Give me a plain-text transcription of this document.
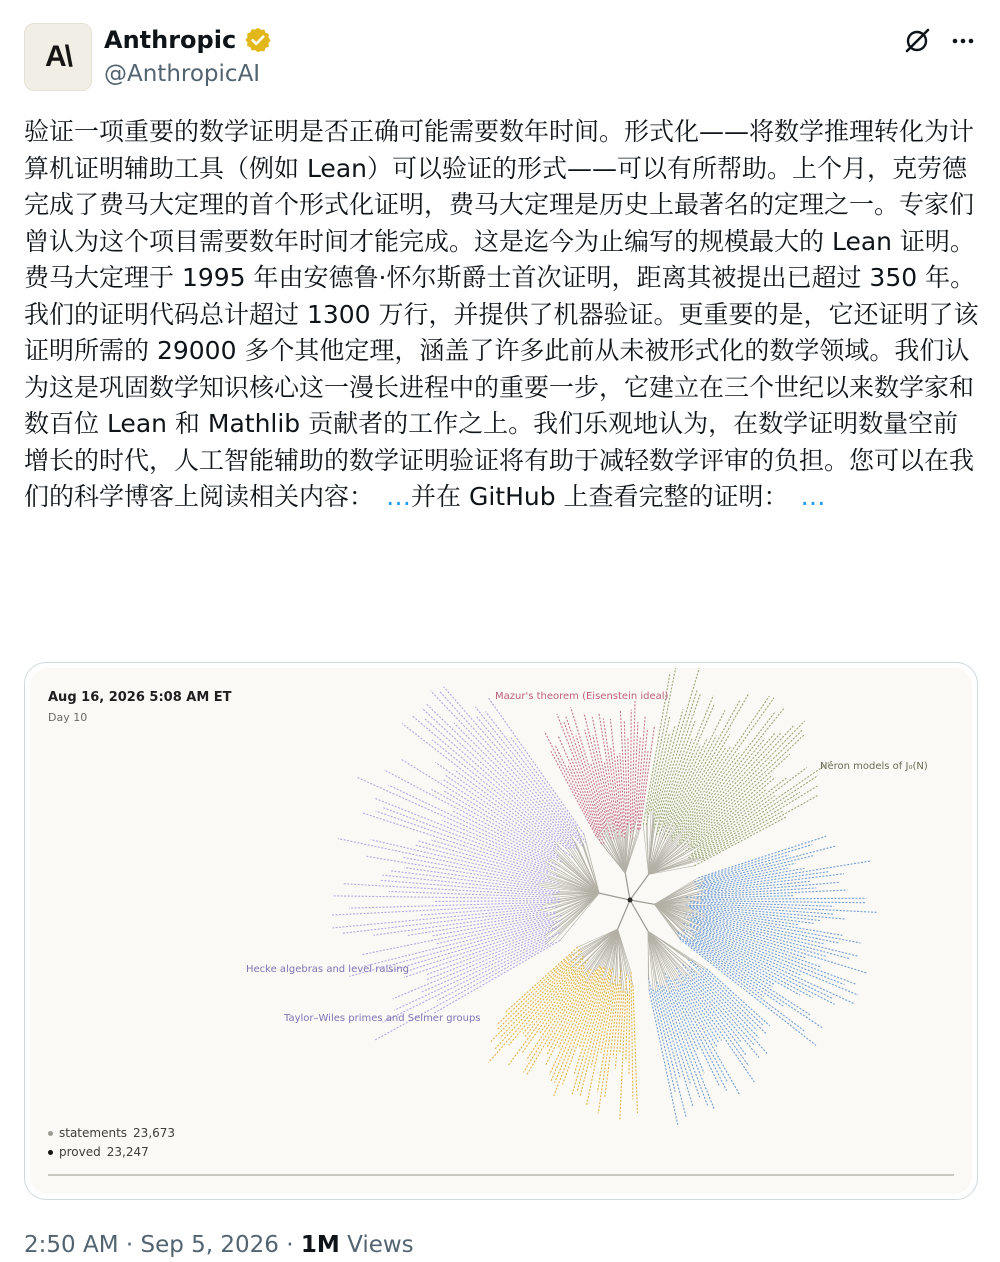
A\ Anthropic
@AnthropicAI
验证一项重要的数学证明是否正确可能需要数年时间。形式化——将数学推理转化为计算机证明辅助工具（例如 Lean）可以验证的形式——可以有所帮助。上个月，克劳德完成了费马大定理的首个形式化证明，费马大定理是历史上最著名的定理之一。专家们曾认为这个项目需要数年时间才能完成。这是迄今为止编写的规模最大的 Lean 证明。费马大定理于 1995 年由安德鲁·怀尔斯爵士首次证明，距离其被提出已超过 350 年。我们的证明代码总计超过 1300 万行，并提供了机器验证。更重要的是，它还证明了该证明所需的 29000 多个其他定理，涵盖了许多此前从未被形式化的数学领域。我们认为这是巩固数学知识核心这一漫长进程中的重要一步，它建立在三个世纪以来数学家和数百位 Lean 和 Mathlib 贡献者的工作之上。我们乐观地认为，在数学证明数量空前增长的时代，人工智能辅助的数学证明验证将有助于减轻数学评审的负担。您可以在我们的科学博客上阅读相关内容： …并在 GitHub 上查看完整的证明： …
Aug 16, 2026 5:08 AM ET
Day 10
Mazur's theorem (Eisenstein ideal)
Néron models of J₀(N)
Hecke algebras and level raising
Taylor–Wiles primes and Selmer groups
statements 23,673
proved 23,247
2:50 AM · Sep 5, 2026 · 1M Views
